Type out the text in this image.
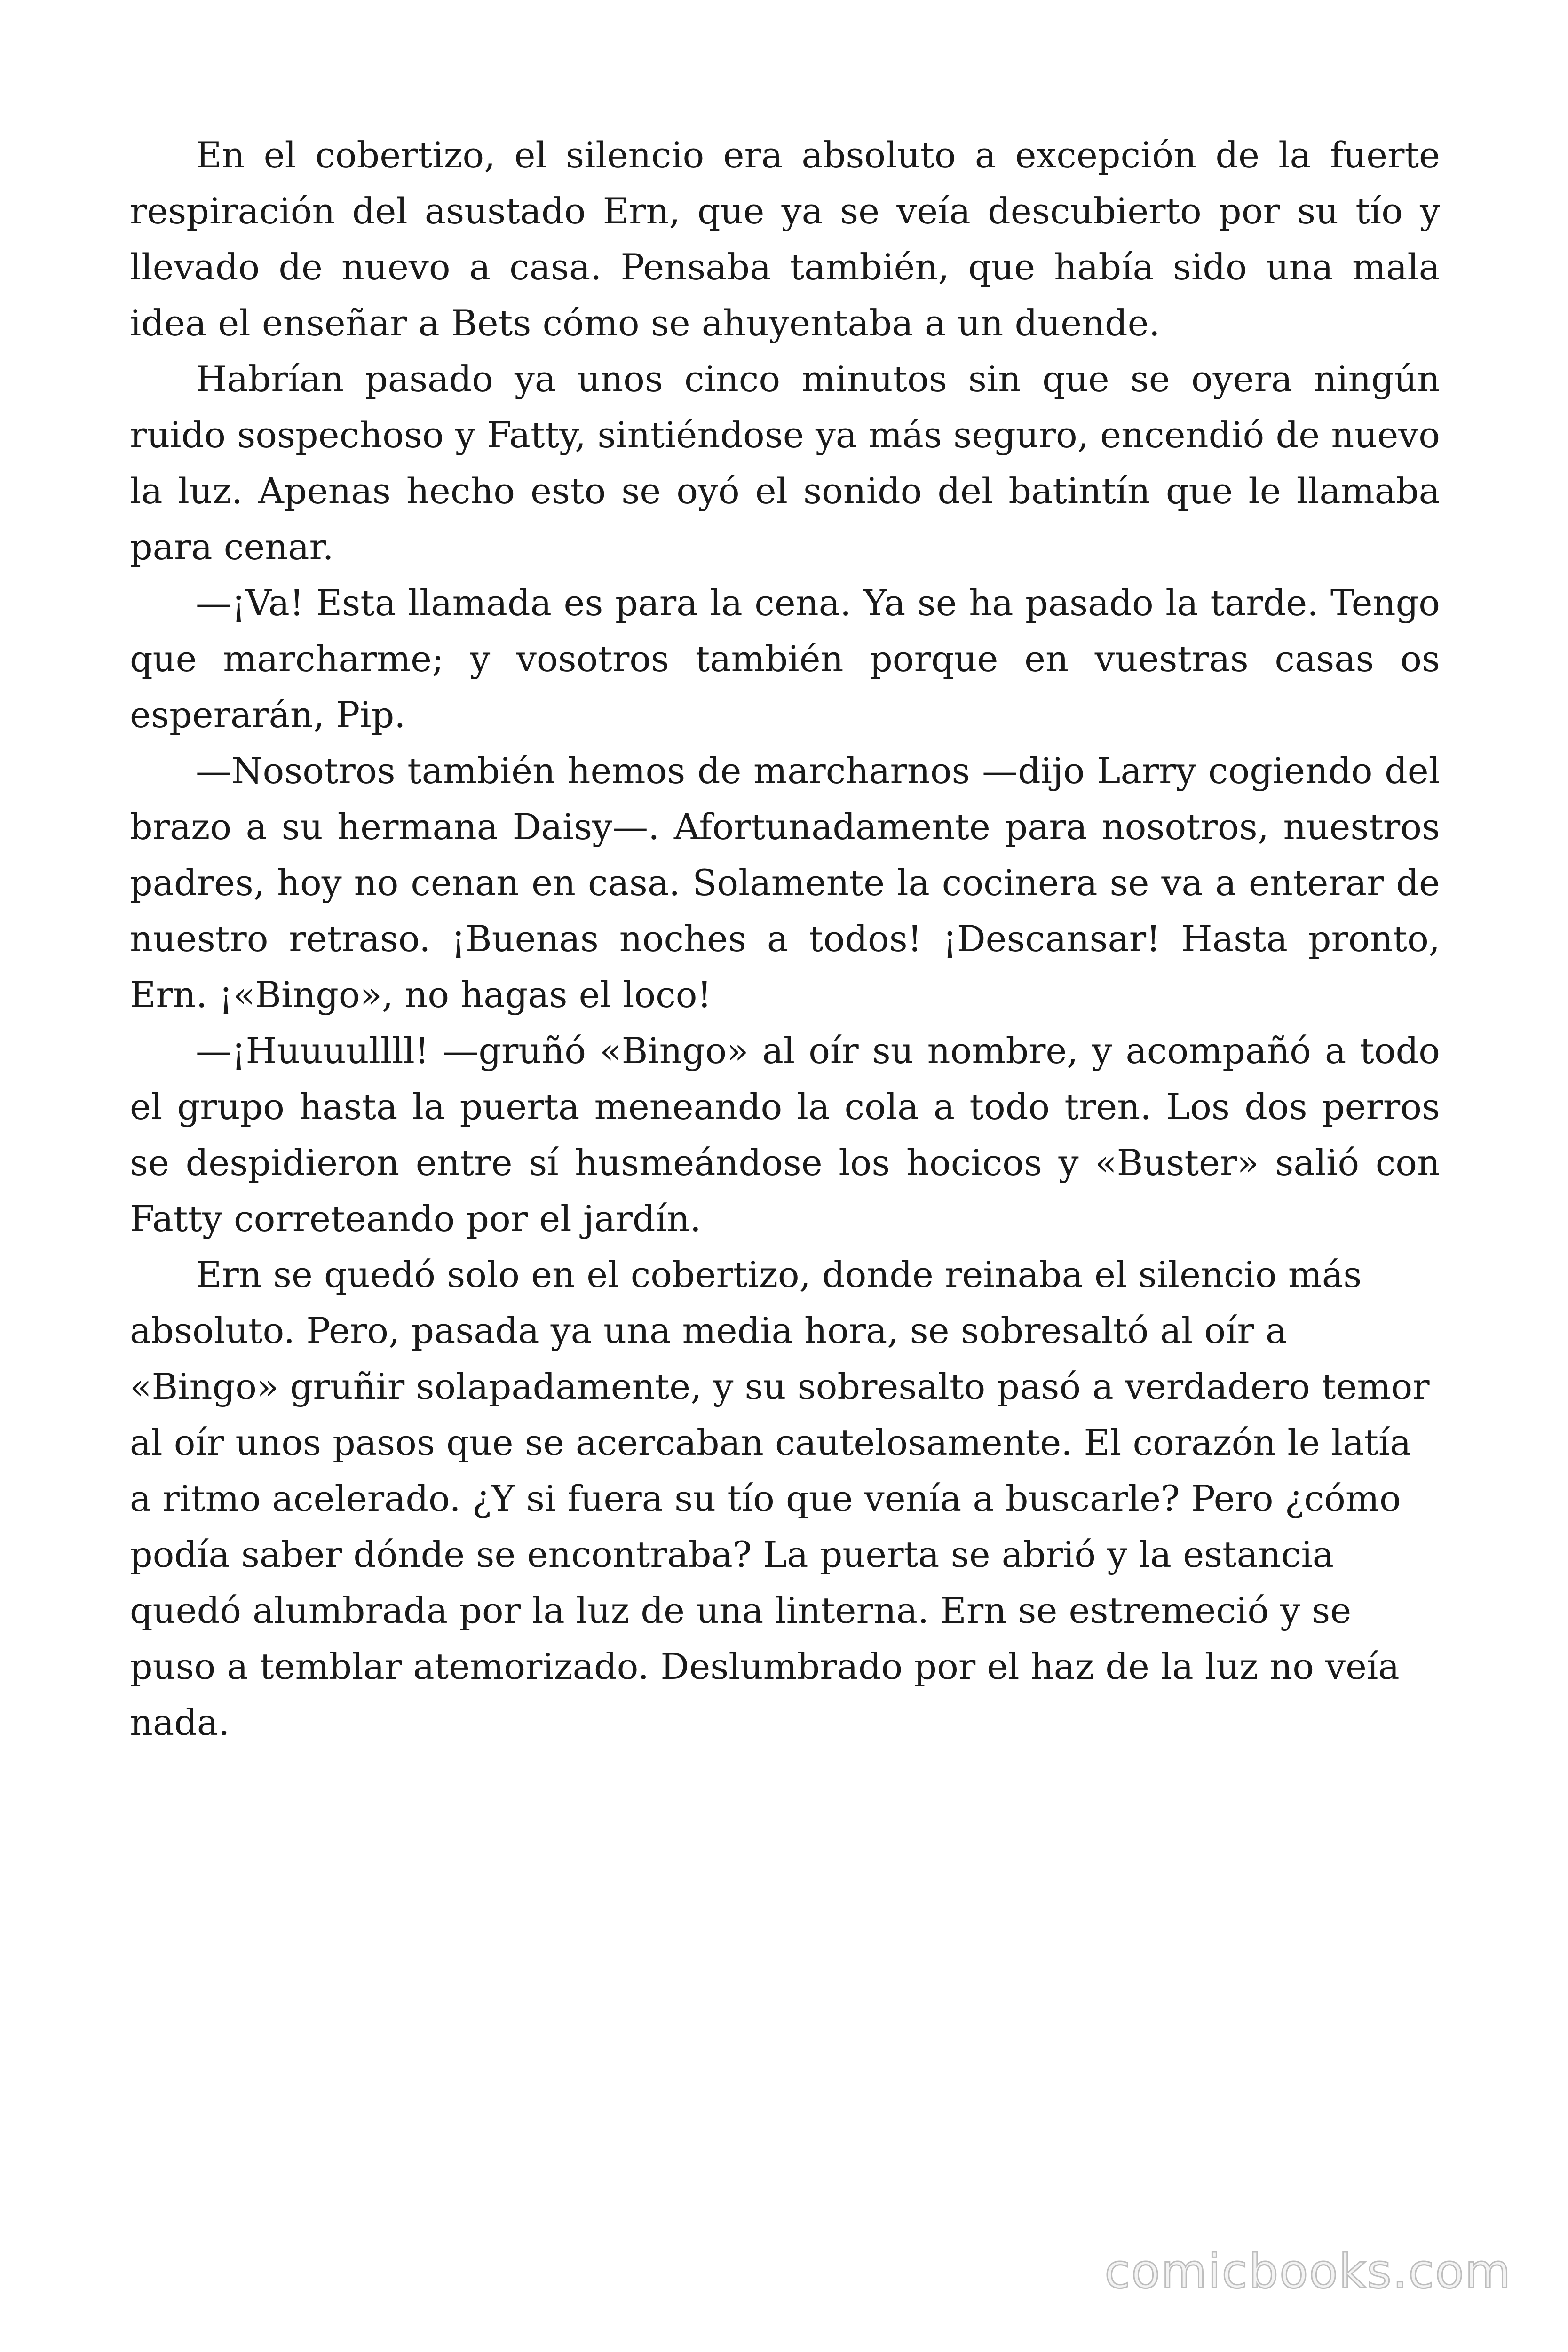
En el cobertizo, el silencio era absoluto a excepción de la fuerte respiración del asustado Ern, que ya se veía descubierto por su tío y llevado de nuevo a casa. Pensaba también, que había sido una mala idea el enseñar a Bets cómo se ahuyentaba a un duende.

Habrían pasado ya unos cinco minutos sin que se oyera ningún ruido sospechoso y Fatty, sintiéndose ya más seguro, encendió de nuevo la luz. Apenas hecho esto se oyó el sonido del batintín que le llamaba para cenar.

—¡Va! Esta llamada es para la cena. Ya se ha pasado la tarde. Tengo que marcharme; y vosotros también porque en vuestras casas os esperarán, Pip.

—Nosotros también hemos de marcharnos —dijo Larry cogiendo del brazo a su hermana Daisy—. Afortunadamente para nosotros, nuestros padres, hoy no cenan en casa. Solamente la cocinera se va a enterar de nuestro retraso. ¡Buenas noches a todos! ¡Descansar! Hasta pronto, Ern. ¡«Bingo», no hagas el loco!

—¡Huuuullll! —gruñó «Bingo» al oír su nombre, y acompañó a todo el grupo hasta la puerta meneando la cola a todo tren. Los dos perros se despidieron entre sí husmeándose los hocicos y «Buster» salió con Fatty correteando por el jardín.

Ern se quedó solo en el cobertizo, donde reinaba el silencio más absoluto. Pero, pasada ya una media hora, se sobresaltó al oír a «Bingo» gruñir solapadamente, y su sobresalto pasó a verdadero temor al oír unos pasos que se acercaban cautelosamente. El corazón le latía a ritmo acelerado. ¿Y si fuera su tío que venía a buscarle? Pero ¿cómo podía saber dónde se encontraba? La puerta se abrió y la estancia quedó alumbrada por la luz de una linterna. Ern se estremeció y se puso a temblar atemorizado. Deslumbrado por el haz de la luz no veía nada.

comicbooks.com
